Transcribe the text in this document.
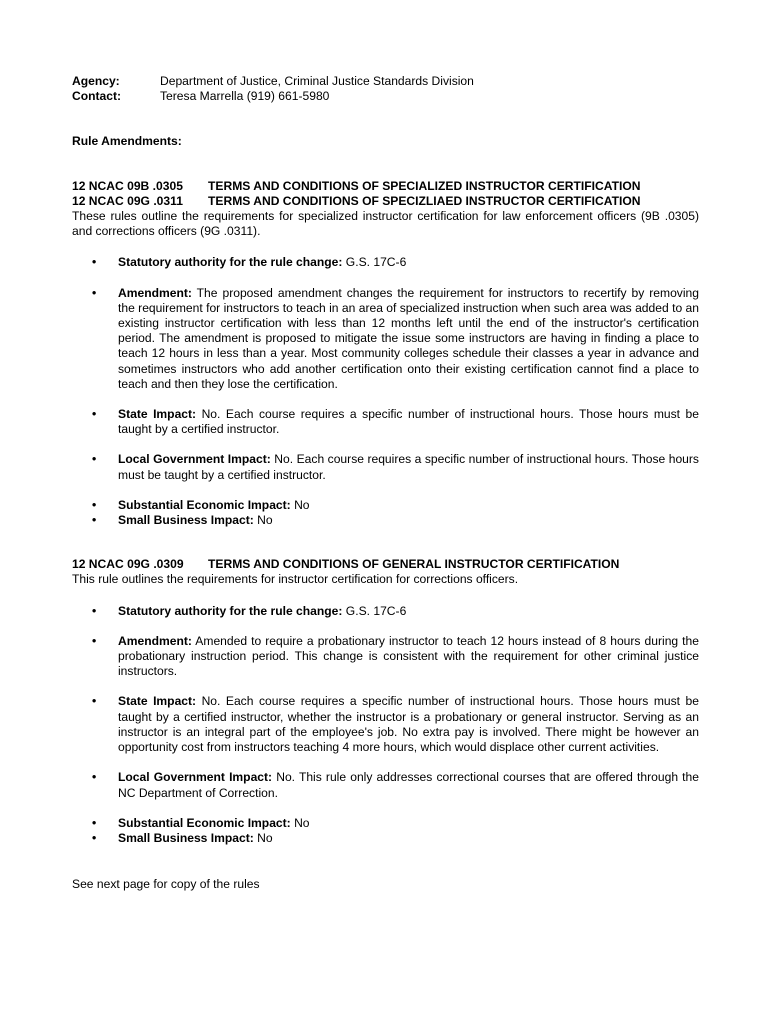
Agency:	Department of Justice, Criminal Justice Standards Division
Contact:	Teresa Marrella (919) 661-5980
Rule Amendments:
12 NCAC 09B .0305	TERMS AND CONDITIONS OF SPECIALIZED INSTRUCTOR CERTIFICATION
12 NCAC 09G .0311	TERMS AND CONDITIONS OF SPECIZLIAED INSTRUCTOR CERTIFICATION
These rules outline the requirements for specialized instructor certification for law enforcement officers (9B .0305) and corrections officers (9G .0311).
• Statutory authority for the rule change: G.S. 17C-6
• Amendment: The proposed amendment changes the requirement for instructors to recertify by removing the requirement for instructors to teach in an area of specialized instruction when such area was added to an existing instructor certification with less than 12 months left until the end of the instructor's certification period. The amendment is proposed to mitigate the issue some instructors are having in finding a place to teach 12 hours in less than a year. Most community colleges schedule their classes a year in advance and sometimes instructors who add another certification onto their existing certification cannot find a place to teach and then they lose the certification.
• State Impact: No. Each course requires a specific number of instructional hours. Those hours must be taught by a certified instructor.
• Local Government Impact: No. Each course requires a specific number of instructional hours. Those hours must be taught by a certified instructor.
• Substantial Economic Impact: No
• Small Business Impact: No
12 NCAC 09G .0309	TERMS AND CONDITIONS OF GENERAL INSTRUCTOR CERTIFICATION
This rule outlines the requirements for instructor certification for corrections officers.
• Statutory authority for the rule change: G.S. 17C-6
• Amendment: Amended to require a probationary instructor to teach 12 hours instead of 8 hours during the probationary instruction period. This change is consistent with the requirement for other criminal justice instructors.
• State Impact: No. Each course requires a specific number of instructional hours. Those hours must be taught by a certified instructor, whether the instructor is a probationary or general instructor. Serving as an instructor is an integral part of the employee's job. No extra pay is involved. There might be however an opportunity cost from instructors teaching 4 more hours, which would displace other current activities.
• Local Government Impact: No. This rule only addresses correctional courses that are offered through the NC Department of Correction.
• Substantial Economic Impact: No
• Small Business Impact: No
See next page for copy of the rules
